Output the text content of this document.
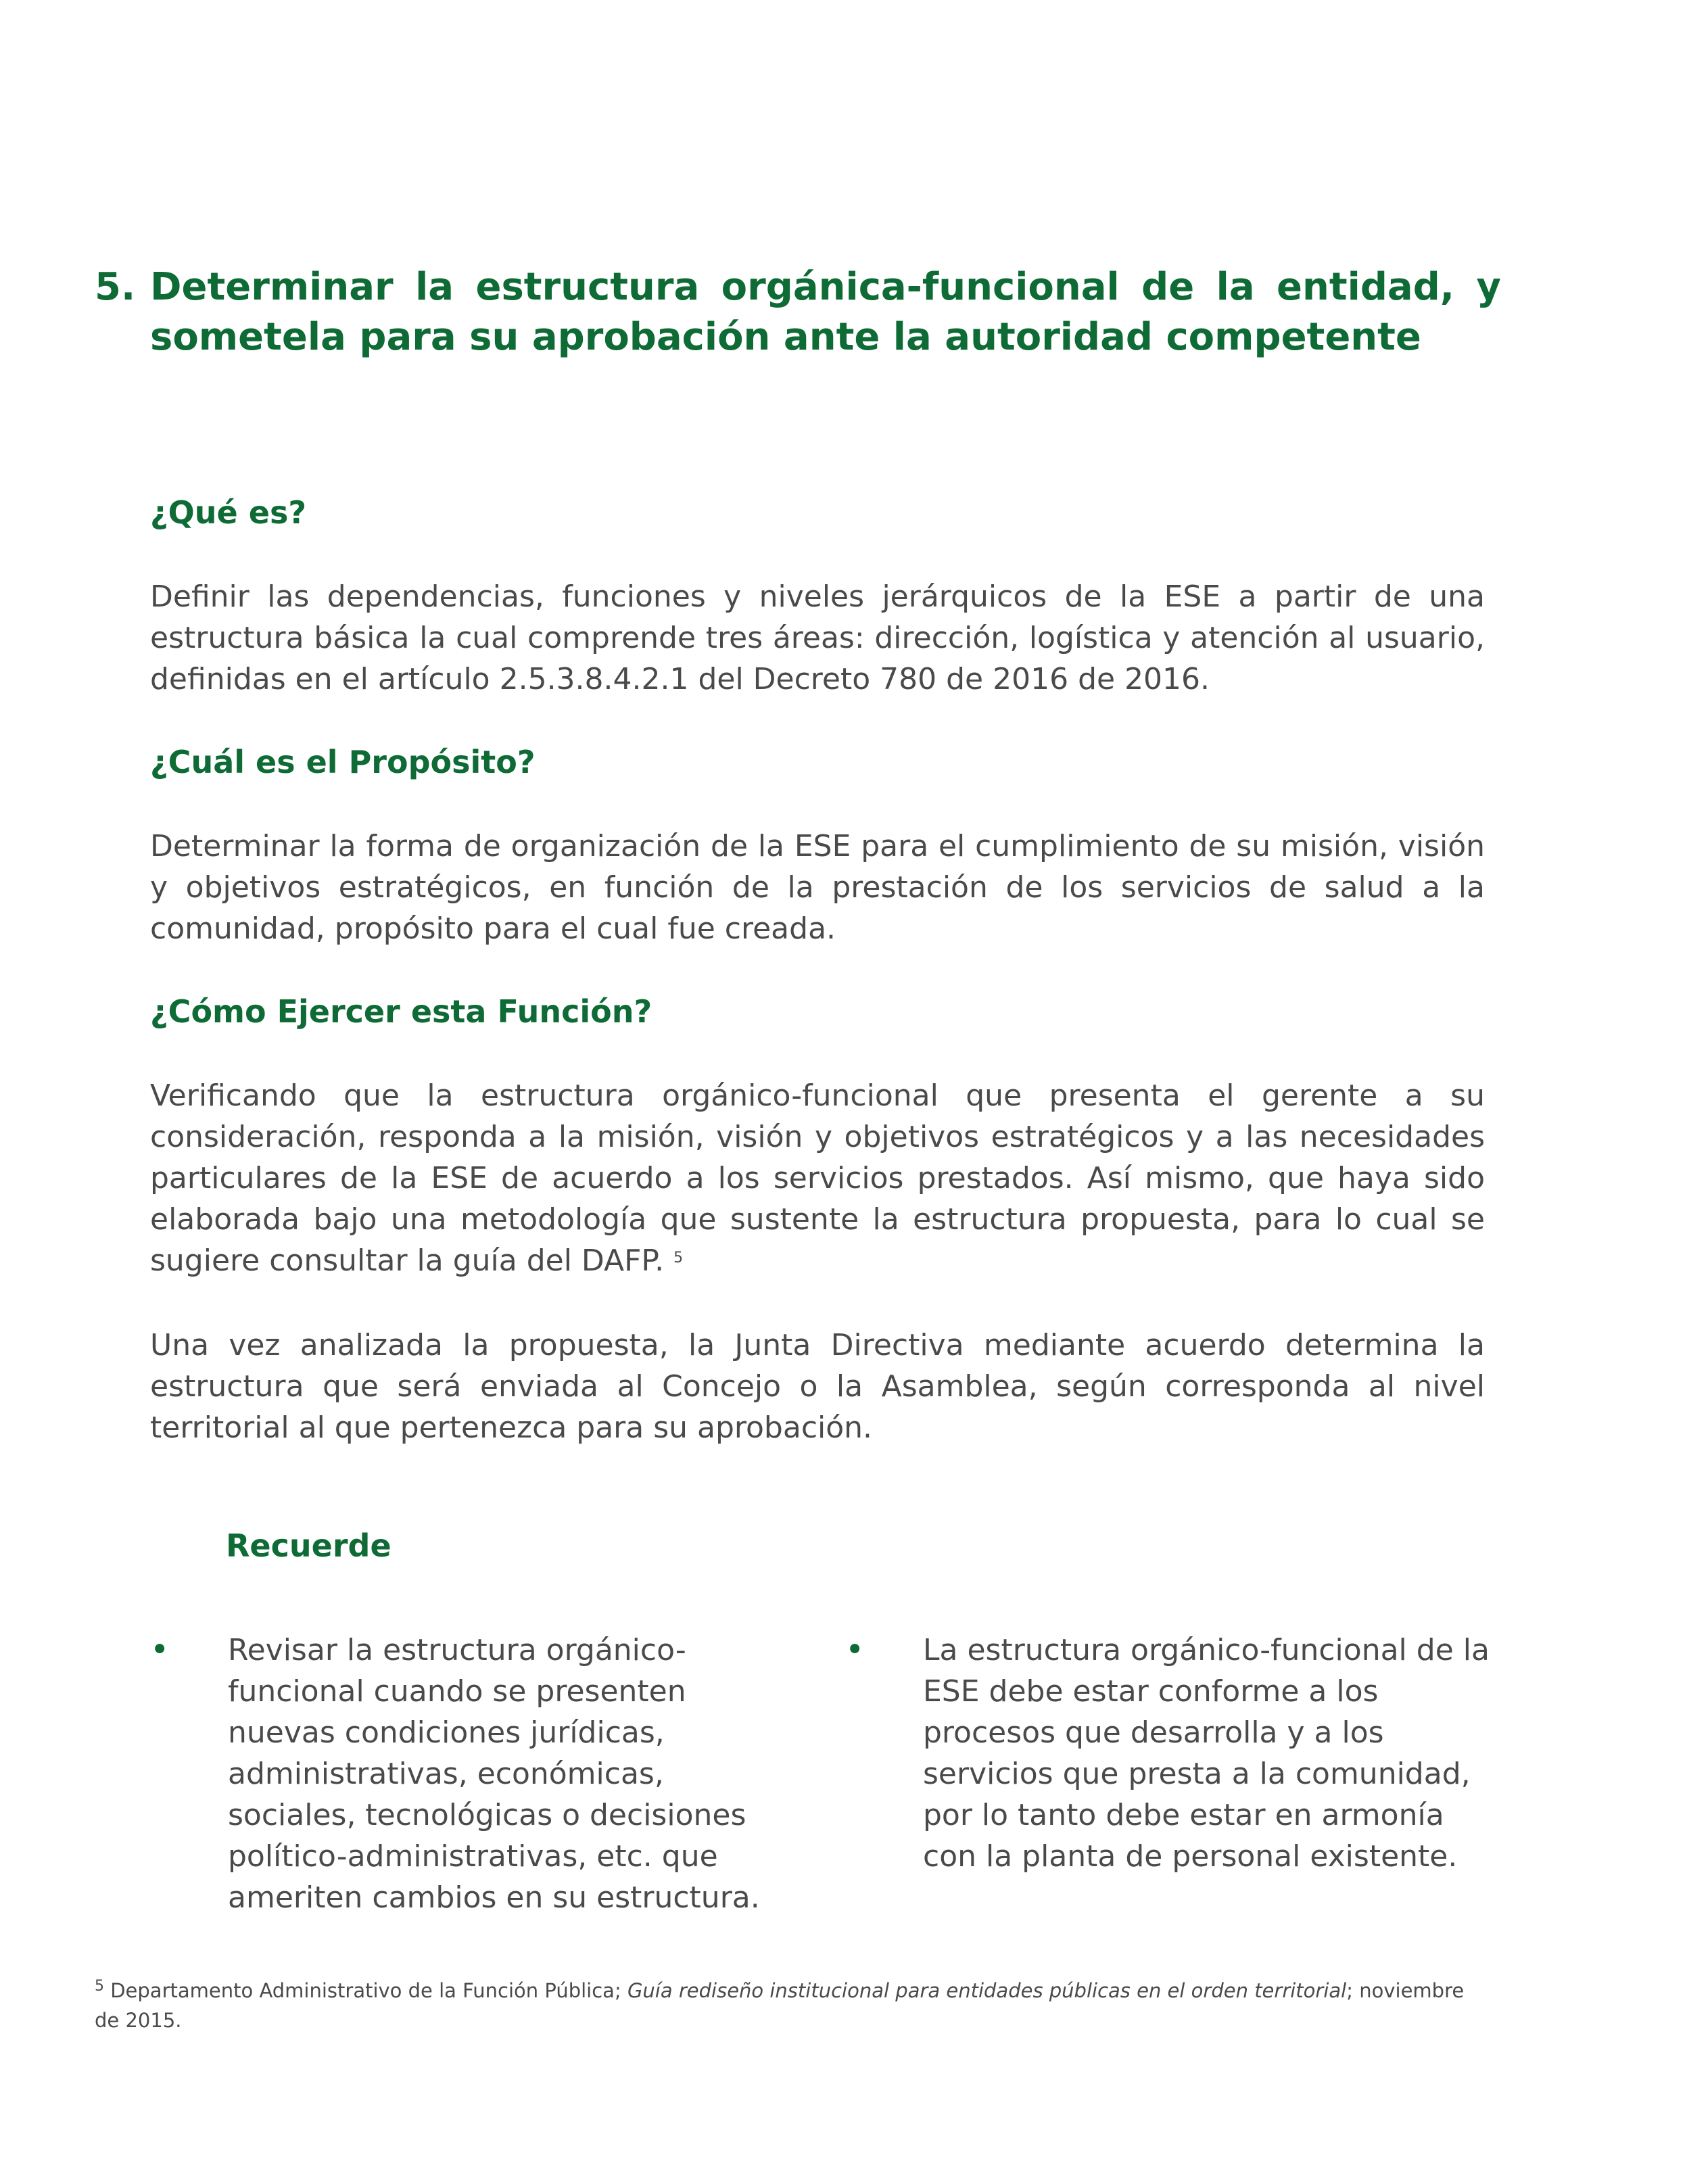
5. Determinar la estructura orgánica-funcional de la entidad, y sometela para su aprobación ante la autoridad competente
¿Qué es?

Definir las dependencias, funciones y niveles jerárquicos de la ESE a partir de una estructura básica la cual comprende tres áreas: dirección, logística y atención al usuario, definidas en el artículo 2.5.3.8.4.2.1 del Decreto 780 de 2016 de 2016.

¿Cuál es el Propósito?

Determinar la forma de organización de la ESE para el cumplimiento de su misión, visión y objetivos estratégicos, en función de la prestación de los servicios de salud a la comunidad, propósito para el cual fue creada.

¿Cómo Ejercer esta Función?

Verificando que la estructura orgánico-funcional que presenta el gerente a su consideración, responda a la misión, visión y objetivos estratégicos y a las necesidades particulares de la ESE de acuerdo a los servicios prestados. Así mismo, que haya sido elaborada bajo una metodología que sustente la estructura propuesta, para lo cual se sugiere consultar la guía del DAFP. $^5$

Una vez analizada la propuesta, la Junta Directiva mediante acuerdo determina la estructura que será enviada al Concejo o la Asamblea, según corresponda al nivel territorial al que pertenezca para su aprobación.

Recuerde
• Revisar la estructura orgánico-funcional cuando se presenten nuevas condiciones jurídicas, administrativas, económicas, sociales, tecnológicas o decisiones político-administrativas, etc. que ameriten cambios en su estructura.
• La estructura orgánico-funcional de la ESE debe estar conforme a los procesos que desarrolla y a los servicios que presta a la comunidad, por lo tanto debe estar en armonía con la planta de personal existente.
$^5$ Departamento Administrativo de la Función Pública; Guía rediseño institucional para entidades públicas en el orden territorial; noviembre de 2015.
